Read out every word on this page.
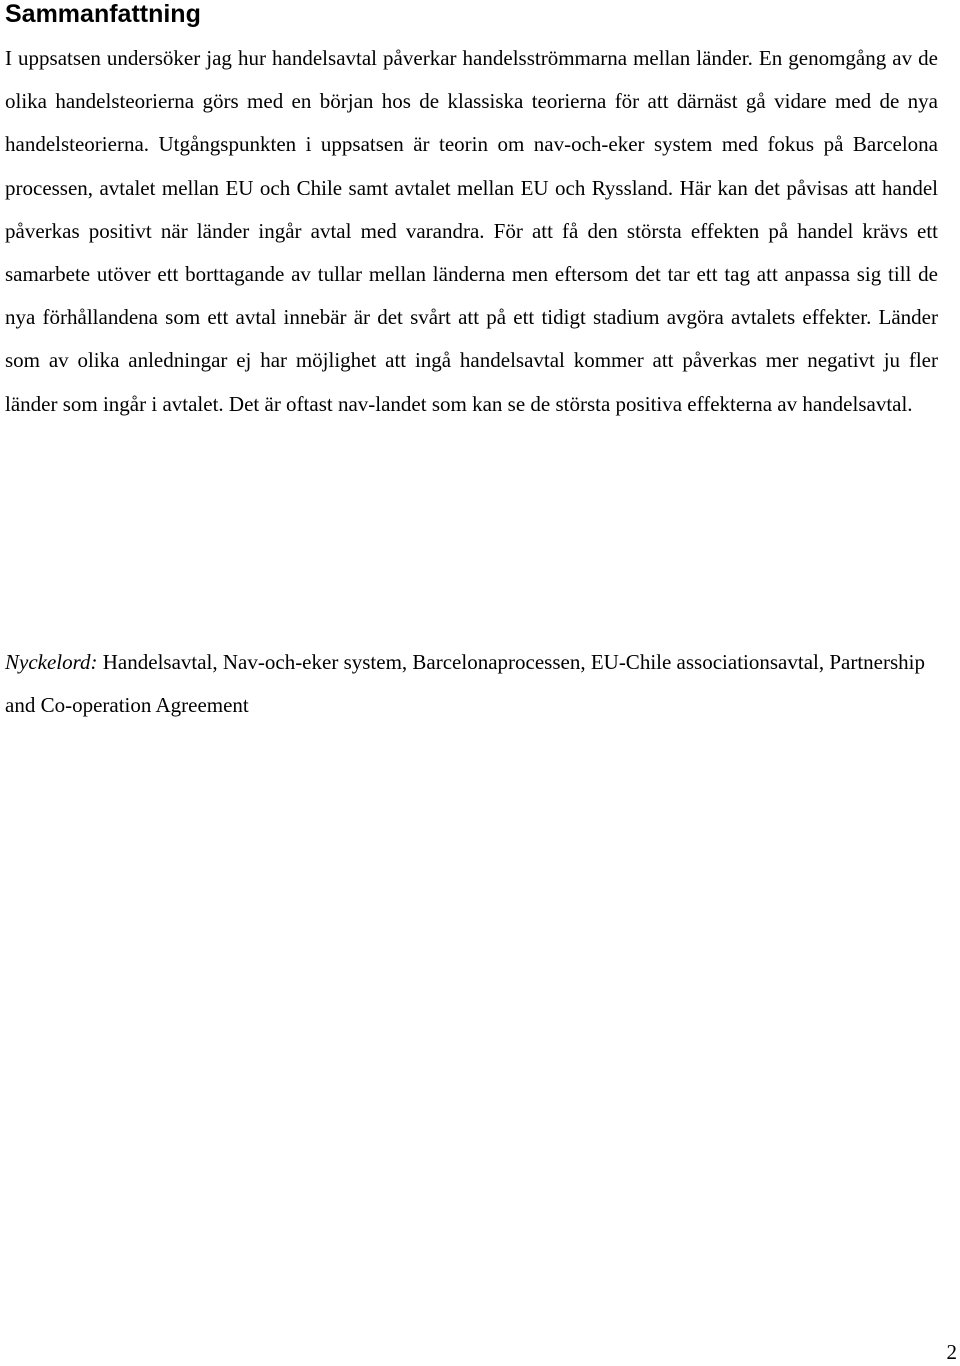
Sammanfattning

I uppsatsen undersöker jag hur handelsavtal påverkar handelsströmmarna mellan länder. En genomgång av de olika handelsteorierna görs med en början hos de klassiska teorierna för att därnäst gå vidare med de nya handelsteorierna. Utgångspunkten i uppsatsen är teorin om nav-och-eker system med fokus på Barcelona processen, avtalet mellan EU och Chile samt avtalet mellan EU och Ryssland. Här kan det påvisas att handel påverkas positivt när länder ingår avtal med varandra. För att få den största effekten på handel krävs ett samarbete utöver ett borttagande av tullar mellan länderna men eftersom det tar ett tag att anpassa sig till de nya förhållandena som ett avtal innebär är det svårt att på ett tidigt stadium avgöra avtalets effekter. Länder som av olika anledningar ej har möjlighet att ingå handelsavtal kommer att påverkas mer negativt ju fler länder som ingår i avtalet. Det är oftast nav-landet som kan se de största positiva effekterna av handelsavtal.

Nyckelord: Handelsavtal, Nav-och-eker system, Barcelonaprocessen, EU-Chile associationsavtal, Partnership and Co-operation Agreement

2
